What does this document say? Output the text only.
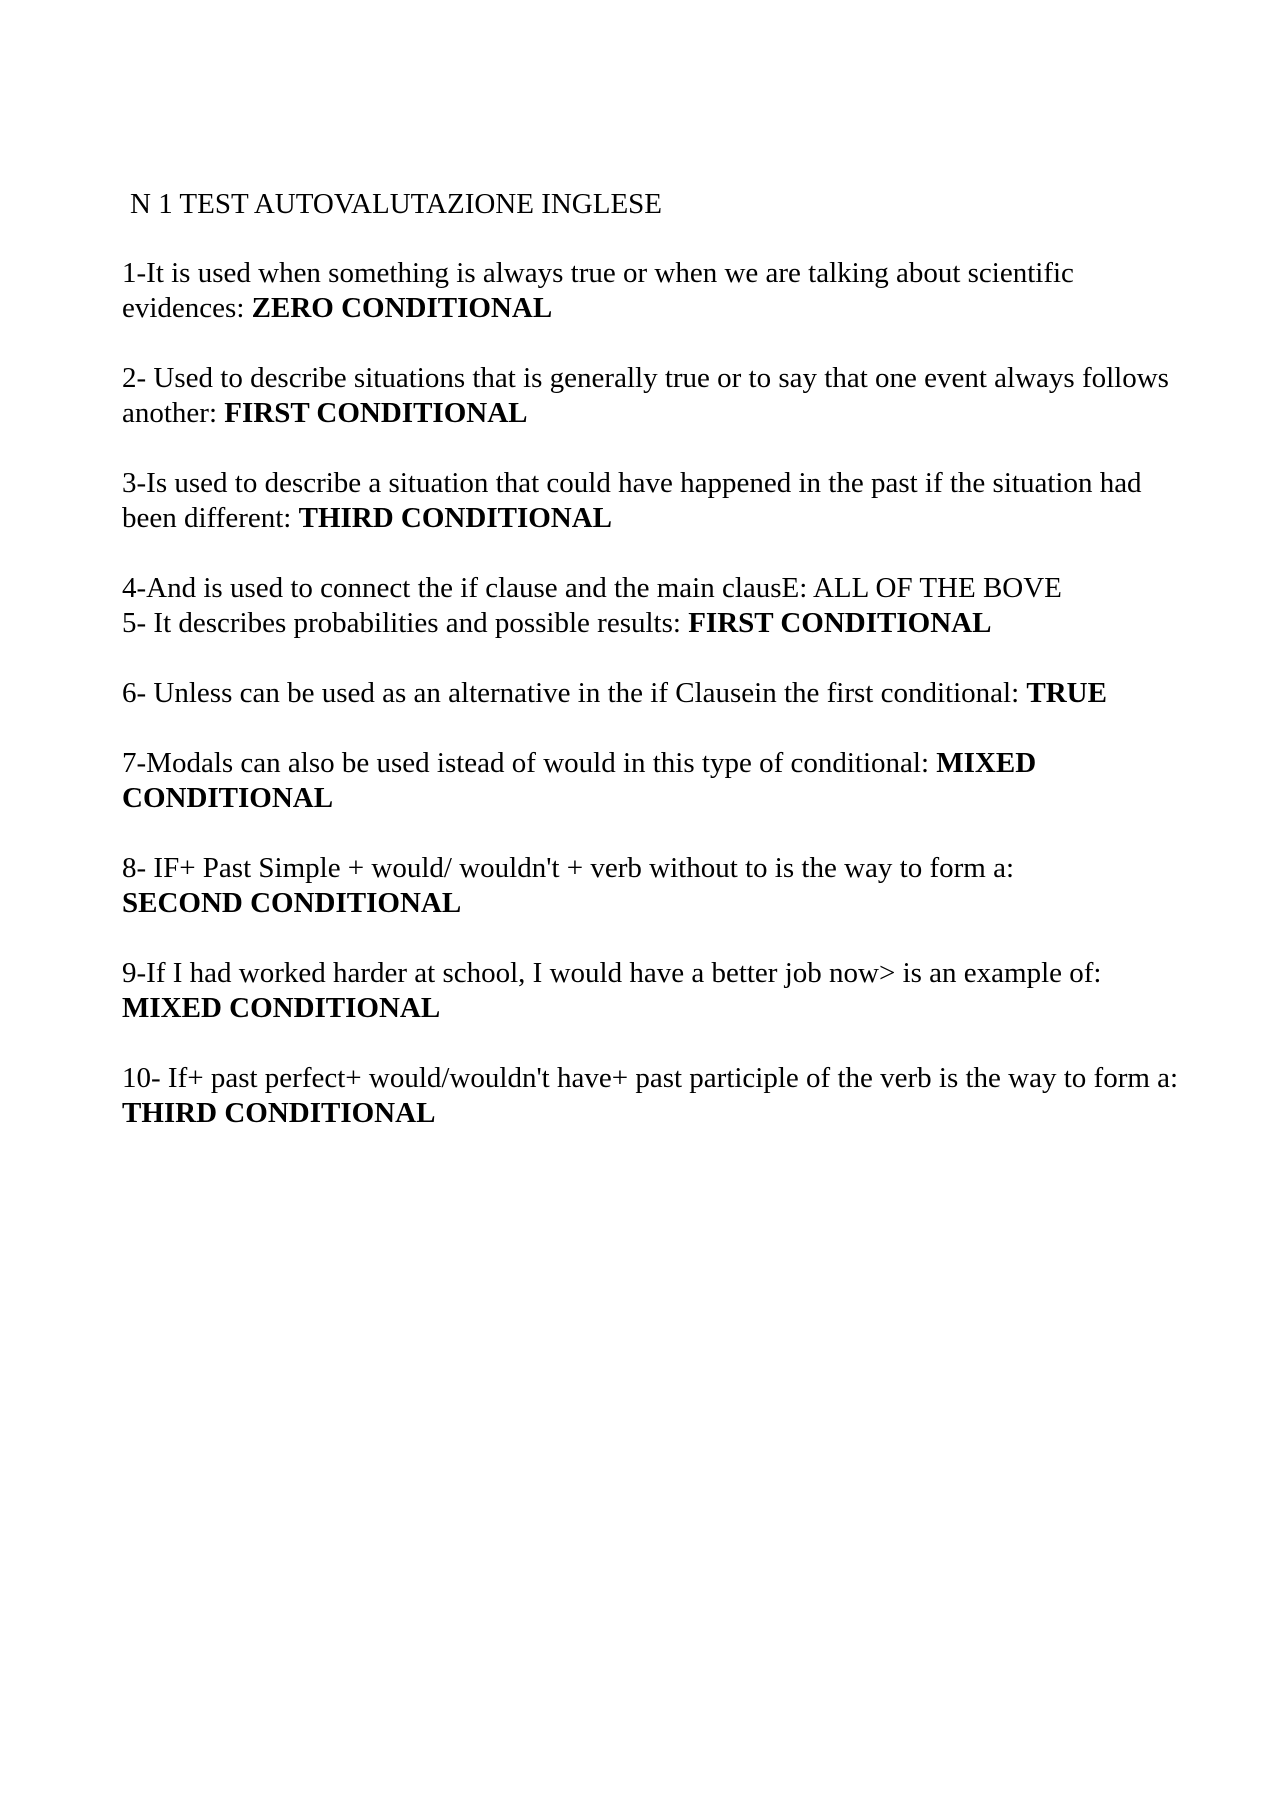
N 1 TEST AUTOVALUTAZIONE INGLESE
1-It is used when something is always true or when we are talking about scientific evidences: ZERO CONDITIONAL
2- Used to describe situations that is generally true or to say that one event always follows another: FIRST CONDITIONAL
3-Is used to describe a situation that could have happened in the past if the situation had been different: THIRD CONDITIONAL
4-And is used to connect the if clause and the main clausE: ALL OF THE BOVE
5- It describes probabilities and possible results: FIRST CONDITIONAL
6- Unless can be used as an alternative in the if Clausein the first conditional: TRUE
7-Modals can also be used istead of would in this type of conditional: MIXED CONDITIONAL
8- IF+ Past Simple + would/ wouldn't + verb without to is the way to form a:
SECOND CONDITIONAL
9-If I had worked harder at school, I would have a better job now> is an example of:
MIXED CONDITIONAL
10- If+ past perfect+ would/wouldn't have+ past participle of the verb is the way to form a: THIRD CONDITIONAL
